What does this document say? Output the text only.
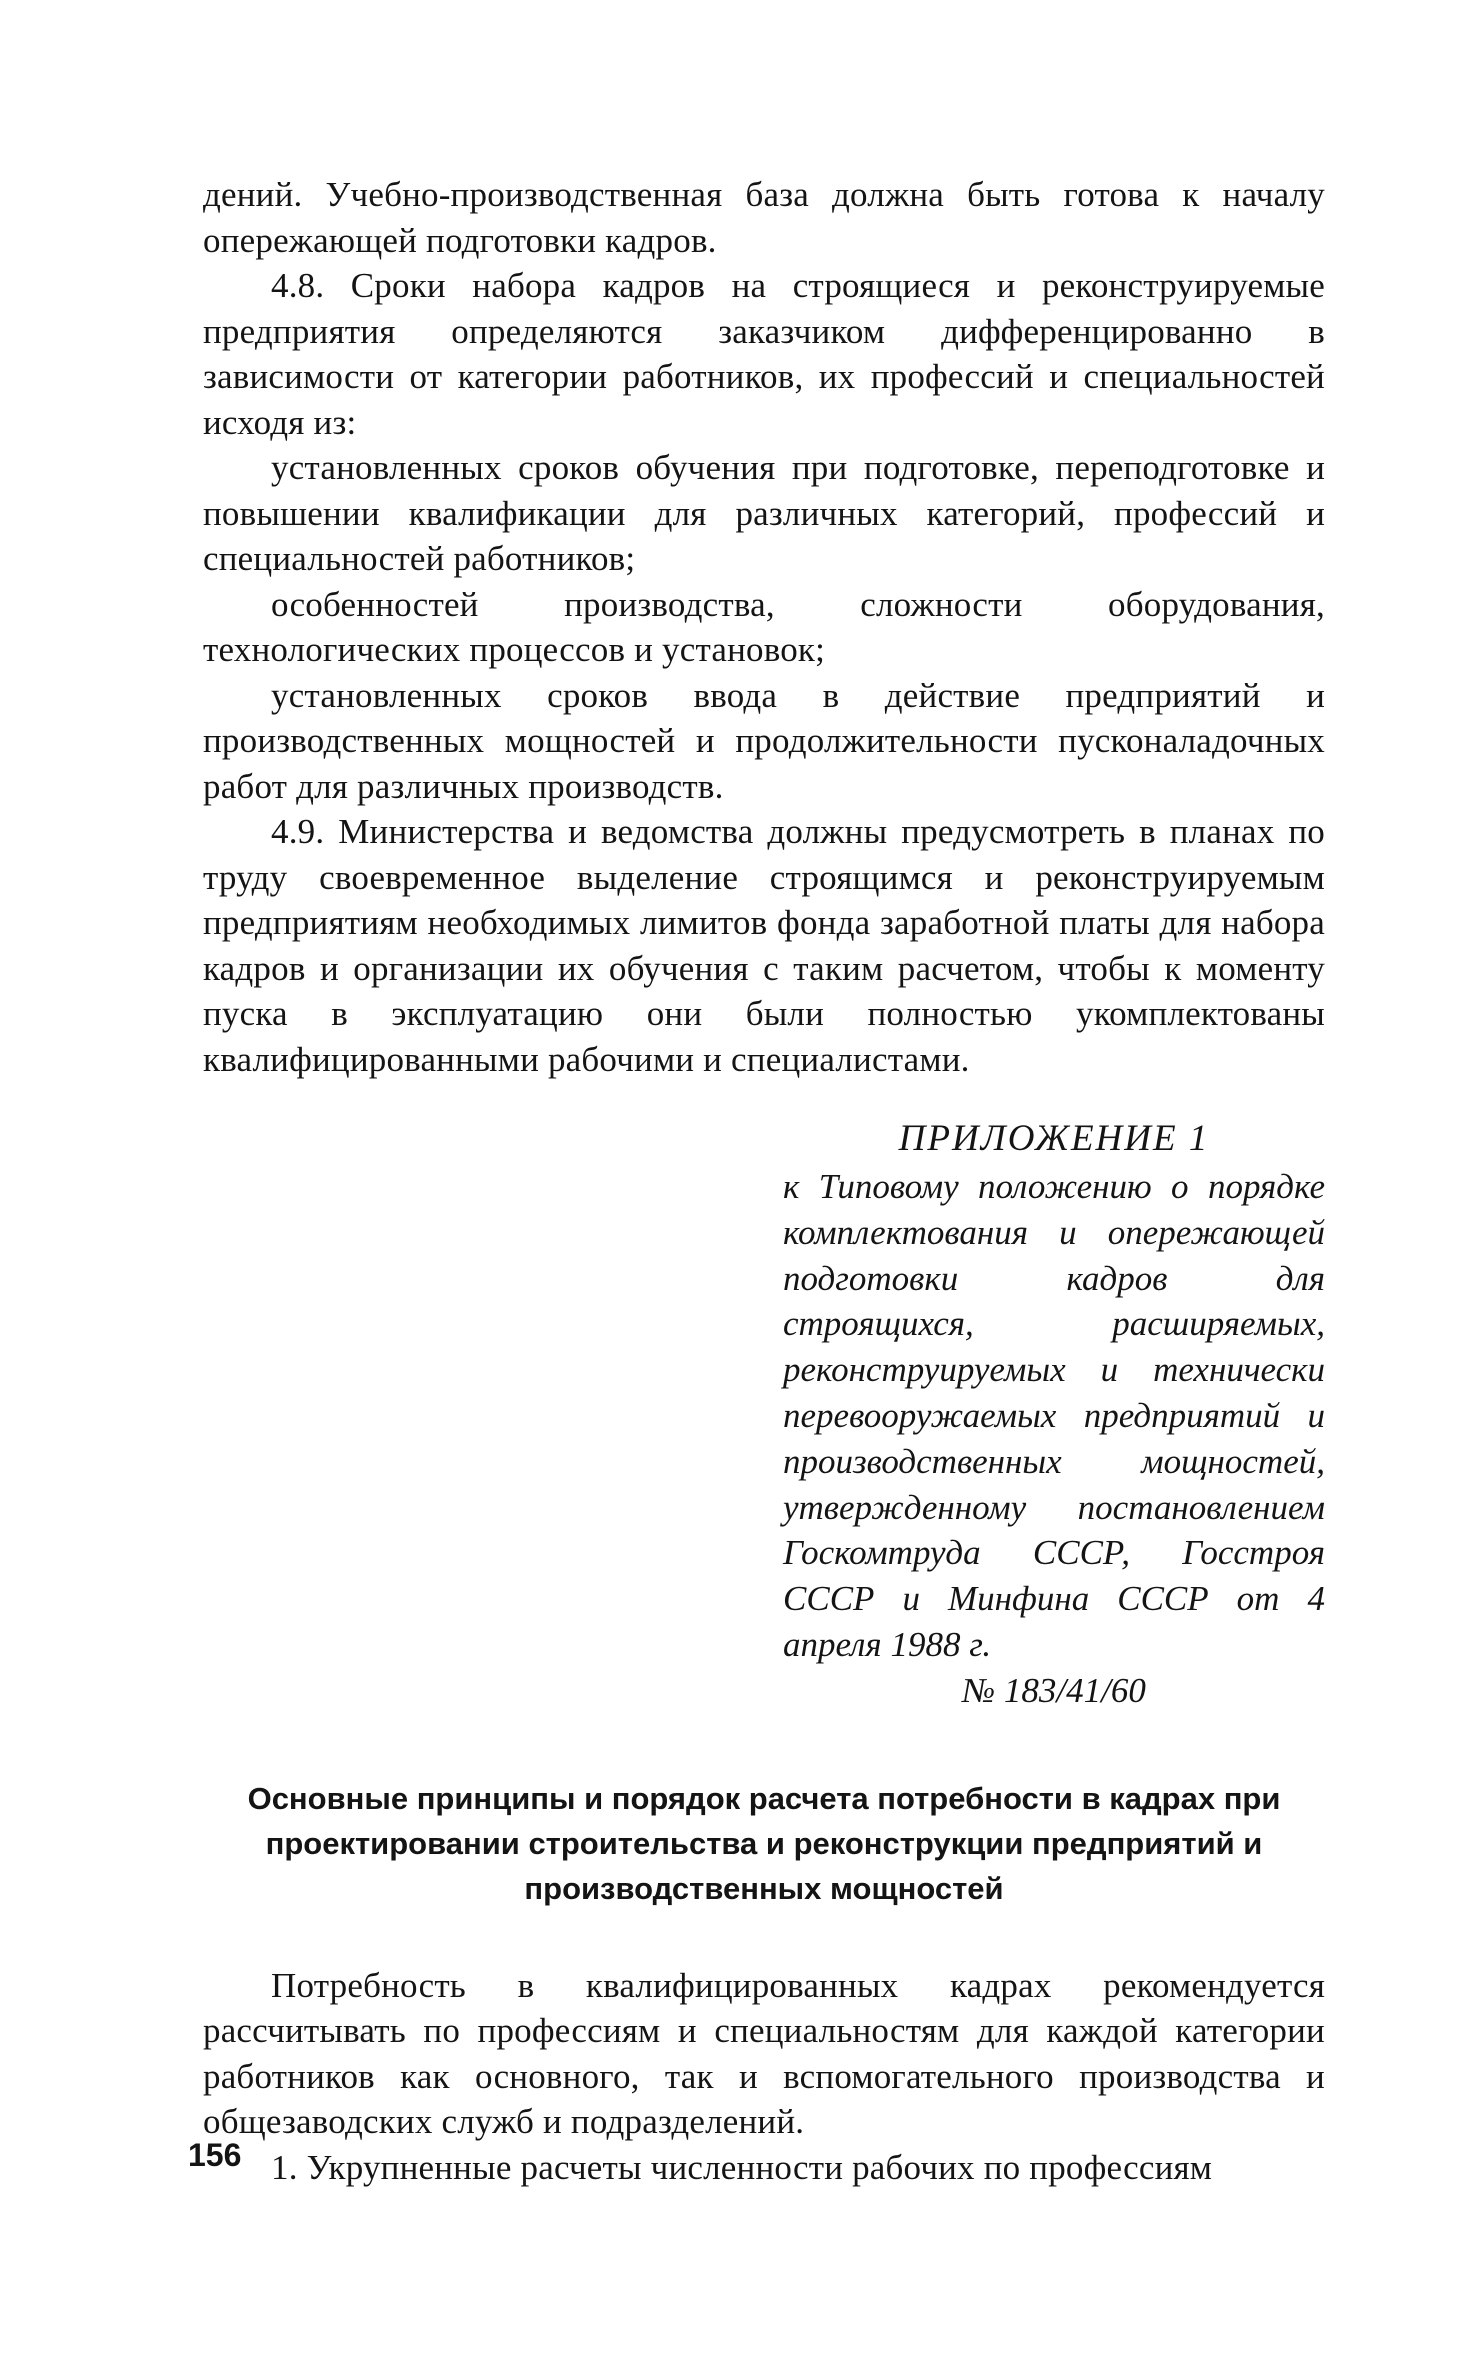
дений. Учебно-производственная база должна быть готова к началу опережающей подготовки кадров.

4.8. Сроки набора кадров на строящиеся и реконструируемые предприятия определяются заказчиком дифференцированно в зависимости от категории работников, их профессий и специальностей исходя из:

установленных сроков обучения при подготовке, переподготовке и повышении квалификации для различных категорий, профессий и специальностей работников;

особенностей производства, сложности оборудования, технологических процессов и установок;

установленных сроков ввода в действие предприятий и производственных мощностей и продолжительности пусконаладочных работ для различных производств.

4.9. Министерства и ведомства должны предусмотреть в планах по труду своевременное выделение строящимся и реконструируемым предприятиям необходимых лимитов фонда заработной платы для набора кадров и организации их обучения с таким расчетом, чтобы к моменту пуска в эксплуатацию они были полностью укомплектованы квалифицированными рабочими и специалистами.

ПРИЛОЖЕНИЕ 1

к Типовому положению о порядке комплектования и опережающей подготовки кадров для строящихся, расширяемых, реконструируемых и технически перевооружаемых предприятий и производственных мощностей, утвержденному постановлением Госкомтруда СССР, Госстроя СССР и Минфина СССР от 4 апреля 1988 г.

№ 183/41/60

Основные принципы и порядок расчета потребности в кадрах при проектировании строительства и реконструкции предприятий и производственных мощностей

Потребность в квалифицированных кадрах рекомендуется рассчитывать по профессиям и специальностям для каждой категории работников как основного, так и вспомогательного производства и общезаводских служб и подразделений.

1. Укрупненные расчеты численности рабочих по профессиям

156
